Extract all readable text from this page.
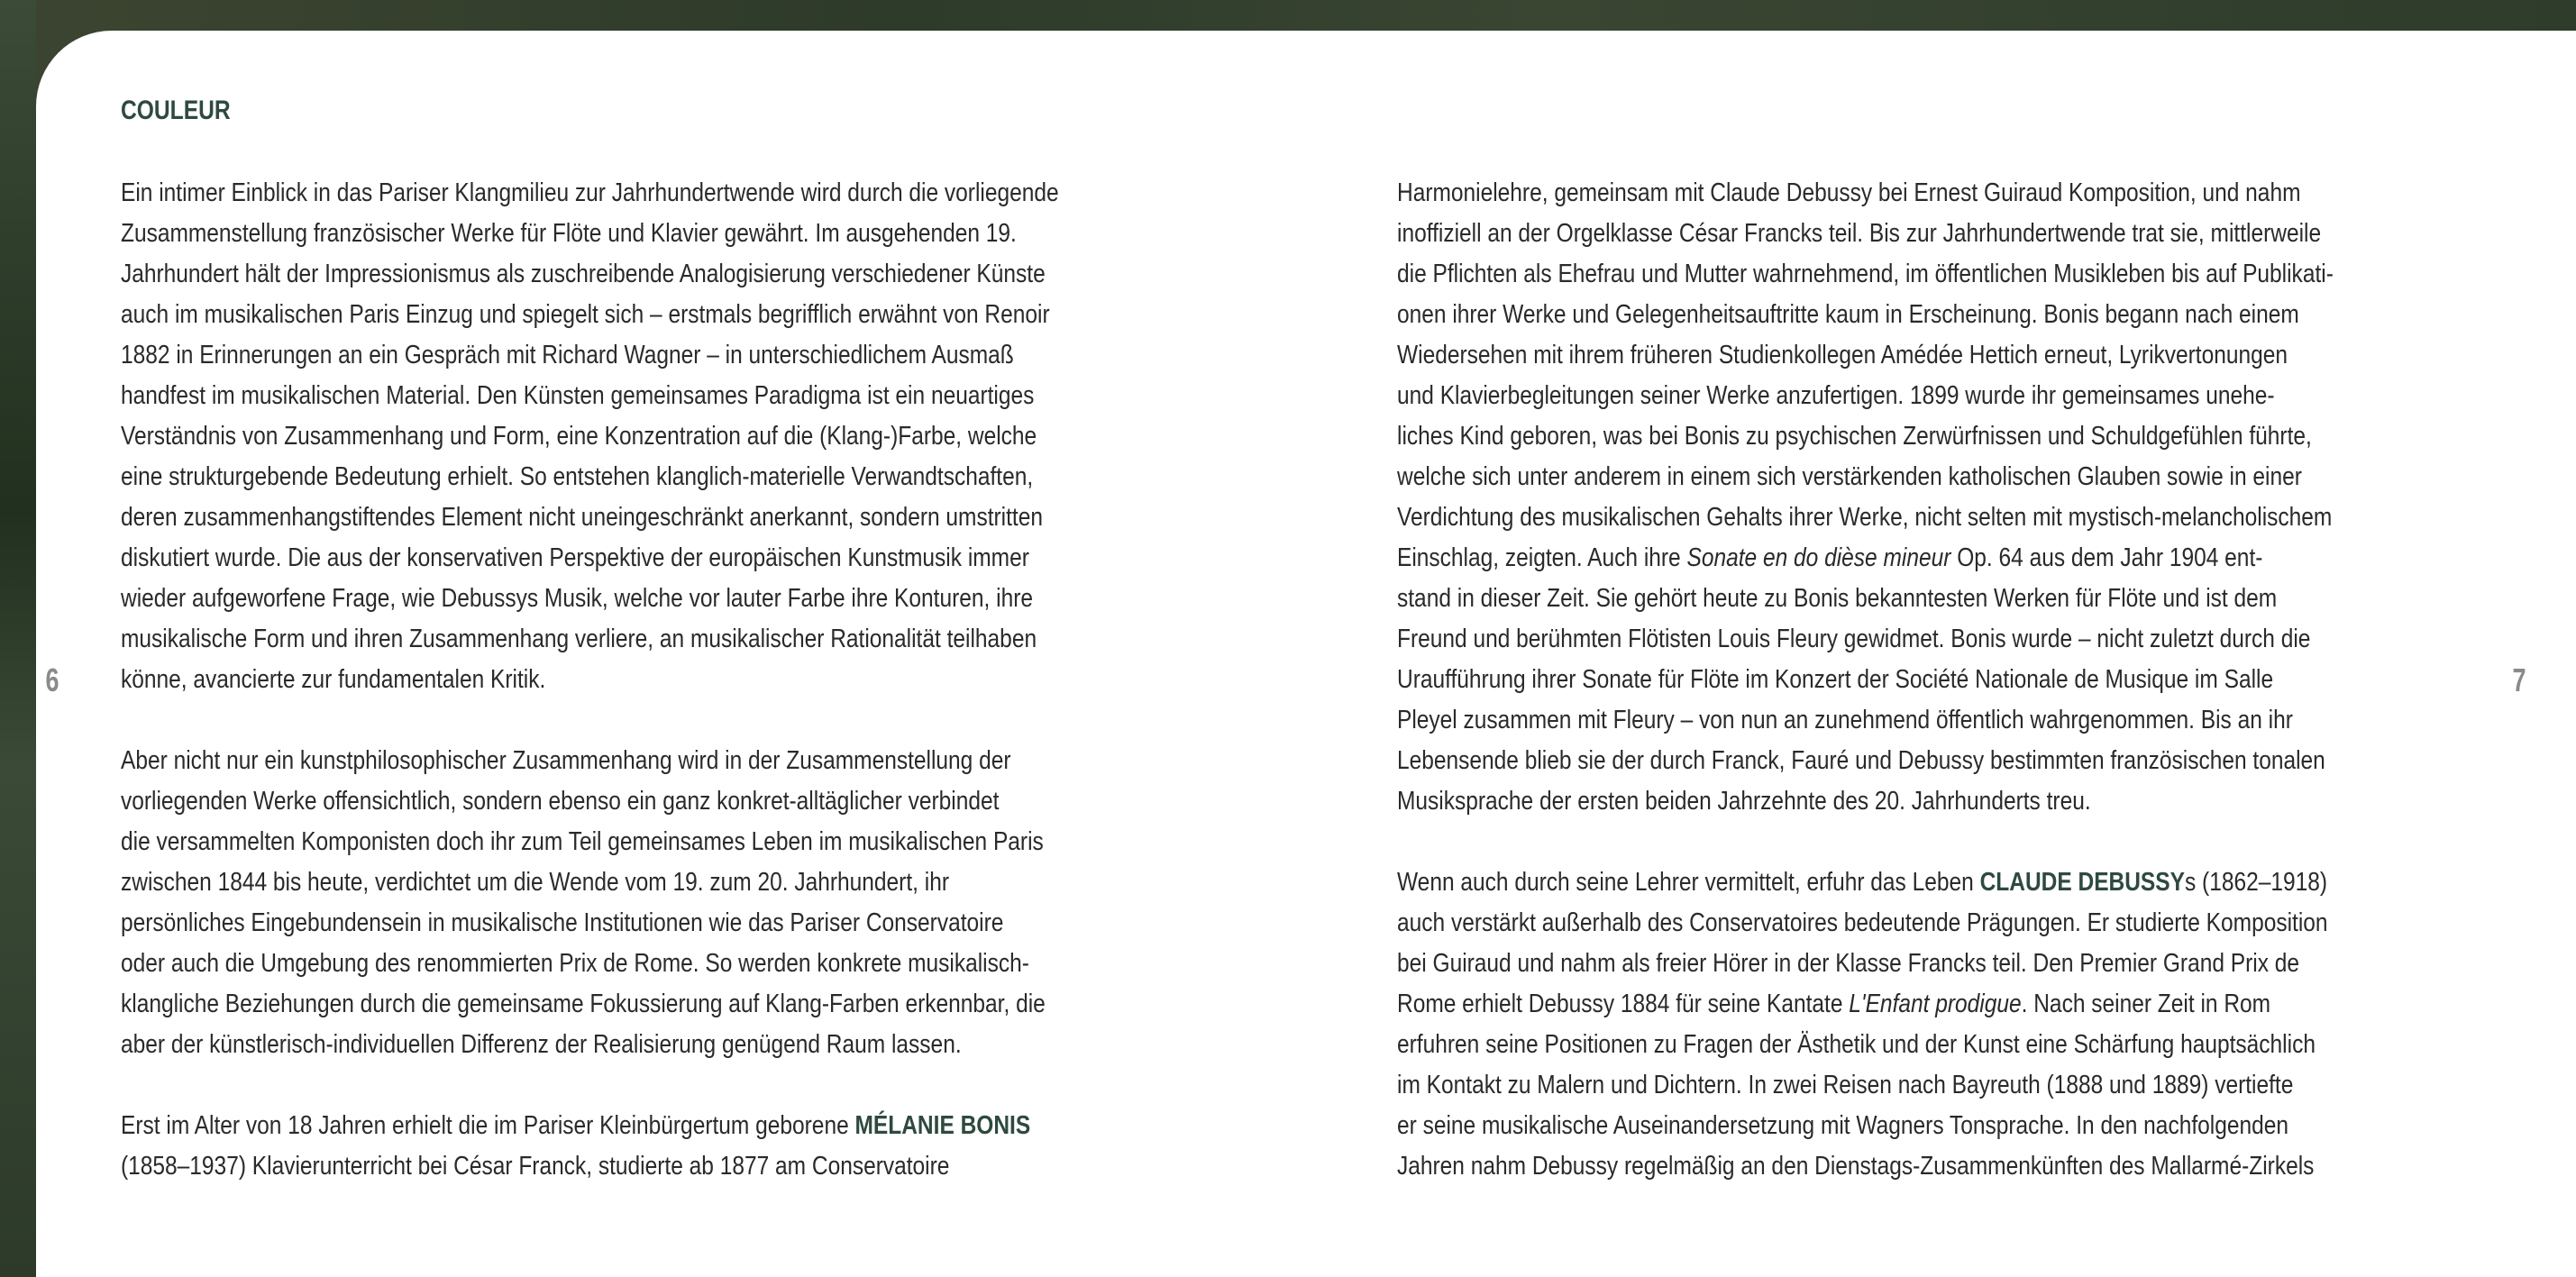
COULEUR
6	7
Ein intimer Einblick in das Pariser Klangmilieu zur Jahrhundertwende wird durch die vorliegende
Zusammenstellung französischer Werke für Flöte und Klavier gewährt. Im ausgehenden 19.
Jahrhundert hält der Impressionismus als zuschreibende Analogisierung verschiedener Künste
auch im musikalischen Paris Einzug und spiegelt sich – erstmals begrifflich erwähnt von Renoir
1882 in Erinnerungen an ein Gespräch mit Richard Wagner – in unterschiedlichem Ausmaß
handfest im musikalischen Material. Den Künsten gemeinsames Paradigma ist ein neuartiges
Verständnis von Zusammenhang und Form, eine Konzentration auf die (Klang-)Farbe, welche
eine strukturgebende Bedeutung erhielt. So entstehen klanglich-materielle Verwandtschaften,
deren zusammenhangstiftendes Element nicht uneingeschränkt anerkannt, sondern umstritten
diskutiert wurde. Die aus der konservativen Perspektive der europäischen Kunstmusik immer
wieder aufgeworfene Frage, wie Debussys Musik, welche vor lauter Farbe ihre Konturen, ihre
musikalische Form und ihren Zusammenhang verliere, an musikalischer Rationalität teilhaben
könne, avancierte zur fundamentalen Kritik.
Aber nicht nur ein kunstphilosophischer Zusammenhang wird in der Zusammenstellung der
vorliegenden Werke offensichtlich, sondern ebenso ein ganz konkret-alltäglicher verbindet
die versammelten Komponisten doch ihr zum Teil gemeinsames Leben im musikalischen Paris
zwischen 1844 bis heute, verdichtet um die Wende vom 19. zum 20. Jahrhundert, ihr
persönliches Eingebundensein in musikalische Institutionen wie das Pariser Conservatoire
oder auch die Umgebung des renommierten Prix de Rome. So werden konkrete musikalisch-
klangliche Beziehungen durch die gemeinsame Fokussierung auf Klang-Farben erkennbar, die
aber der künstlerisch-individuellen Differenz der Realisierung genügend Raum lassen.
Erst im Alter von 18 Jahren erhielt die im Pariser Kleinbürgertum geborene MÉLANIE BONIS
(1858–1937) Klavierunterricht bei César Franck, studierte ab 1877 am Conservatoire
Harmonielehre, gemeinsam mit Claude Debussy bei Ernest Guiraud Komposition, und nahm
inoffiziell an der Orgelklasse César Francks teil. Bis zur Jahrhundertwende trat sie, mittlerweile
die Pflichten als Ehefrau und Mutter wahrnehmend, im öffentlichen Musikleben bis auf Publikati-
onen ihrer Werke und Gelegenheitsauftritte kaum in Erscheinung. Bonis begann nach einem
Wiedersehen mit ihrem früheren Studienkollegen Amédée Hettich erneut, Lyrikvertonungen
und Klavierbegleitungen seiner Werke anzufertigen. 1899 wurde ihr gemeinsames unehe-
liches Kind geboren, was bei Bonis zu psychischen Zerwürfnissen und Schuldgefühlen führte,
welche sich unter anderem in einem sich verstärkenden katholischen Glauben sowie in einer
Verdichtung des musikalischen Gehalts ihrer Werke, nicht selten mit mystisch-melancholischem
Einschlag, zeigten. Auch ihre Sonate en do dièse mineur Op. 64 aus dem Jahr 1904 ent-
stand in dieser Zeit. Sie gehört heute zu Bonis bekanntesten Werken für Flöte und ist dem
Freund und berühmten Flötisten Louis Fleury gewidmet. Bonis wurde – nicht zuletzt durch die
Uraufführung ihrer Sonate für Flöte im Konzert der Société Nationale de Musique im Salle
Pleyel zusammen mit Fleury – von nun an zunehmend öffentlich wahrgenommen. Bis an ihr
Lebensende blieb sie der durch Franck, Fauré und Debussy bestimmten französischen tonalen
Musiksprache der ersten beiden Jahrzehnte des 20. Jahrhunderts treu.
Wenn auch durch seine Lehrer vermittelt, erfuhr das Leben CLAUDE DEBUSSYs (1862–1918)
auch verstärkt außerhalb des Conservatoires bedeutende Prägungen. Er studierte Komposition
bei Guiraud und nahm als freier Hörer in der Klasse Francks teil. Den Premier Grand Prix de
Rome erhielt Debussy 1884 für seine Kantate L'Enfant prodigue. Nach seiner Zeit in Rom
erfuhren seine Positionen zu Fragen der Ästhetik und der Kunst eine Schärfung hauptsächlich
im Kontakt zu Malern und Dichtern. In zwei Reisen nach Bayreuth (1888 und 1889) vertiefte
er seine musikalische Auseinandersetzung mit Wagners Tonsprache. In den nachfolgenden
Jahren nahm Debussy regelmäßig an den Dienstags-Zusammenkünften des Mallarmé-Zirkels
